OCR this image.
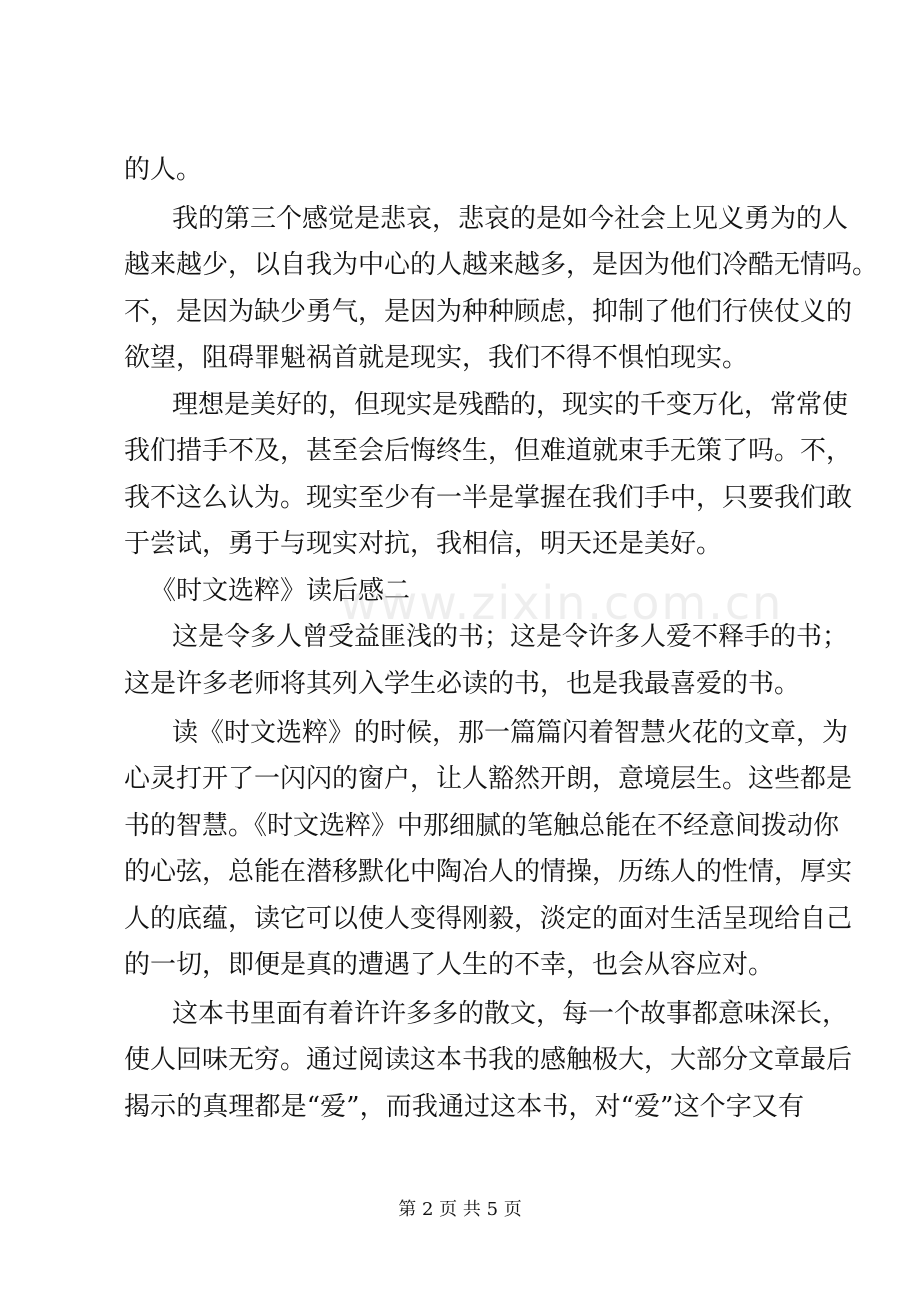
的人。
我的第三个感觉是悲哀，悲哀的是如今社会上见义勇为的人
越来越少，以自我为中心的人越来越多，是因为他们冷酷无情吗。
不，是因为缺少勇气，是因为种种顾虑，抑制了他们行侠仗义的
欲望，阻碍罪魁祸首就是现实，我们不得不惧怕现实。
理想是美好的，但现实是残酷的，现实的千变万化，常常使
我们措手不及，甚至会后悔终生，但难道就束手无策了吗。不，
我不这么认为。现实至少有一半是掌握在我们手中，只要我们敢
于尝试，勇于与现实对抗，我相信，明天还是美好。
《时文选粹》读后感二
这是令多人曾受益匪浅的书；这是令许多人爱不释手的书；
这是许多老师将其列入学生必读的书，也是我最喜爱的书。
读《时文选粹》的时候，那一篇篇闪着智慧火花的文章，为
心灵打开了一闪闪的窗户，让人豁然开朗，意境层生。这些都是
书的智慧。《时文选粹》中那细腻的笔触总能在不经意间拨动你
的心弦，总能在潜移默化中陶冶人的情操，历练人的性情，厚实
人的底蕴，读它可以使人变得刚毅，淡定的面对生活呈现给自己
的一切，即便是真的遭遇了人生的不幸，也会从容应对。
这本书里面有着许许多多的散文，每一个故事都意味深长，
使人回味无穷。通过阅读这本书我的感触极大，大部分文章最后
揭示的真理都是“爱”，而我通过这本书，对“爱”这个字又有
www.zixin.com.cn
第 2 页 共 5 页
